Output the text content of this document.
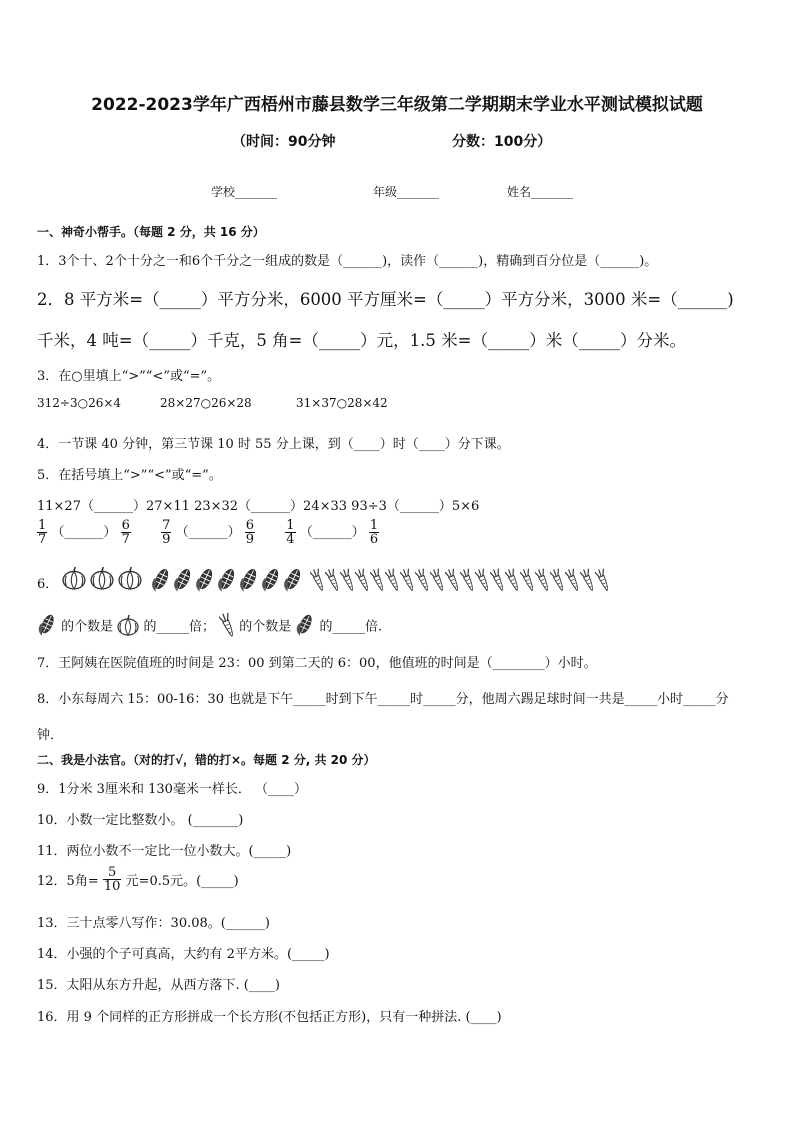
2022-2023学年广西梧州市藤县数学三年级第二学期期末学业水平测试模拟试题
（时间：90分钟	分数：100分）
学校_______	年级_______	姓名_______
一、神奇小帮手。（每题 2 分，共 16 分）
1．3个十、2个十分之一和6个千分之一组成的数是（______)，读作（______)，精确到百分位是（______)。
2．8 平方米=（_____）平方分米，6000 平方厘米=（_____）平方分米，3000 米=（______)
千米，4 吨=（_____）千克，5 角=（_____）元，1.5 米=（_____）米（_____）分米。
3．在○里填上“>”“<”或“=”。
312÷3○26×4	28×27○26×28	31×37○28×42
4．一节课 40 分钟，第三节课 10 时 55 分上课，到（____）时（____）分下课。
5．在括号填上“>”“<”或“=”。
11×27（______）27×11 23×32（______）24×33 93÷3（______）5×6
$\frac{1}{7}$ （______） $\frac{6}{7}$
$\frac{7}{9}$ （______） $\frac{6}{9}$
$\frac{1}{4}$ （______） $\frac{1}{6}$
6．
的个数是 的_____倍； 的个数是 的_____倍.
7．王阿姨在医院值班的时间是 23：00 到第二天的 6：00，他值班的时间是（________）小时。
8．小东每周六 15：00-16：30 也就是下午_____时到下午_____时_____分，他周六踢足球时间一共是_____小时_____分
钟．
二、我是小法官。（对的打√，错的打×。每题 2 分, 共 20 分）
9．1分米 3厘米和 130毫米一样长． （____）
10．小数一定比整数小。 (_______)
11．两位小数不一定比一位小数大。(_____)
12．5角= $\frac{5}{10}$ 元=0.5元。(_____)
13．三十点零八写作：30.08。(______)
14．小强的个子可真高，大约有 2平方米。(_____)
15．太阳从东方升起，从西方落下. (____)
16．用 9 个同样的正方形拼成一个长方形(不包括正方形)，只有一种拼法. (____)
